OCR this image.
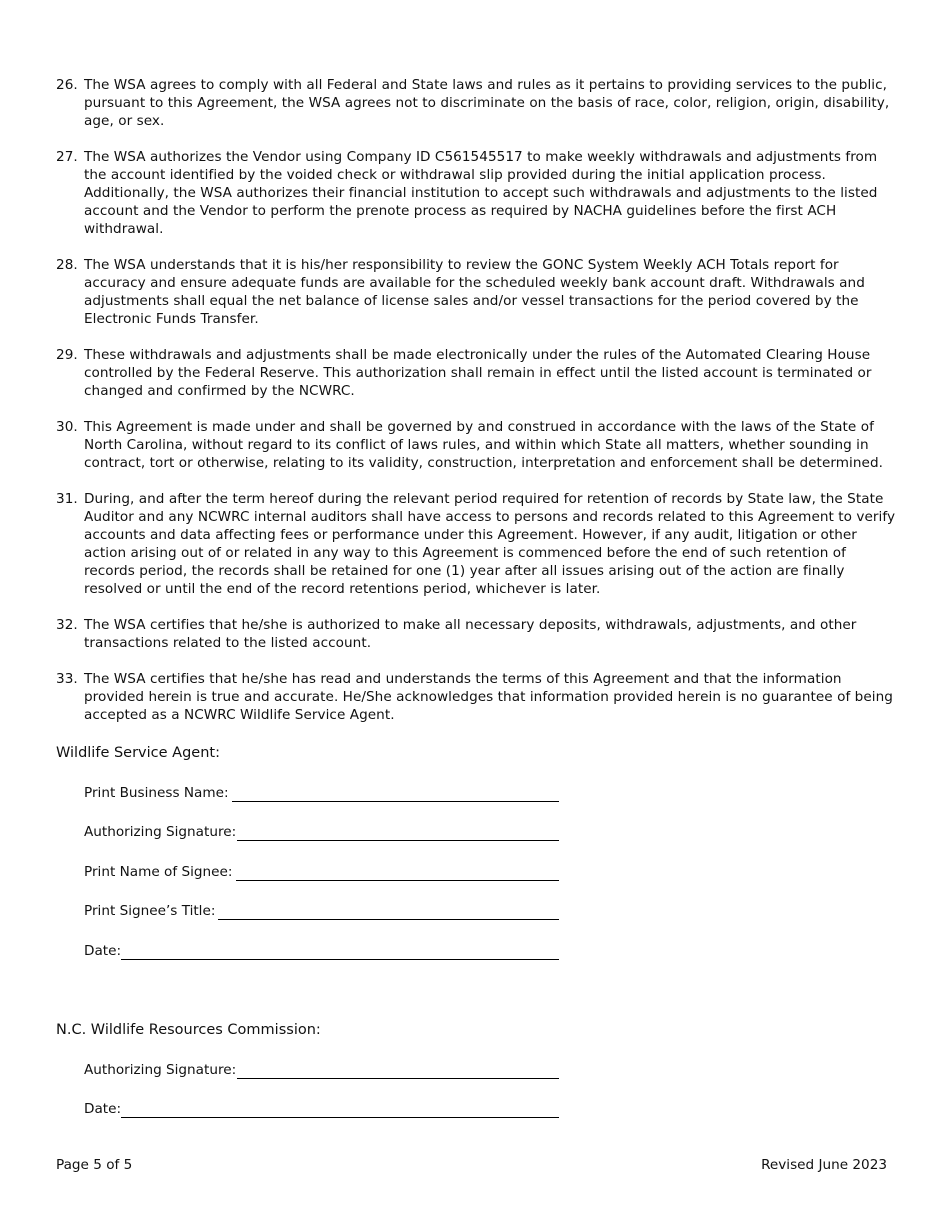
26. The WSA agrees to comply with all Federal and State laws and rules as it pertains to providing services to the public, pursuant to this Agreement, the WSA agrees not to discriminate on the basis of race, color, religion, origin, disability, age, or sex.
27. The WSA authorizes the Vendor using Company ID C561545517 to make weekly withdrawals and adjustments from the account identified by the voided check or withdrawal slip provided during the initial application process. Additionally, the WSA authorizes their financial institution to accept such withdrawals and adjustments to the listed account and the Vendor to perform the prenote process as required by NACHA guidelines before the first ACH withdrawal.
28. The WSA understands that it is his/her responsibility to review the GONC System Weekly ACH Totals report for accuracy and ensure adequate funds are available for the scheduled weekly bank account draft. Withdrawals and adjustments shall equal the net balance of license sales and/or vessel transactions for the period covered by the Electronic Funds Transfer.
29. These withdrawals and adjustments shall be made electronically under the rules of the Automated Clearing House controlled by the Federal Reserve. This authorization shall remain in effect until the listed account is terminated or changed and confirmed by the NCWRC.
30. This Agreement is made under and shall be governed by and construed in accordance with the laws of the State of North Carolina, without regard to its conflict of laws rules, and within which State all matters, whether sounding in contract, tort or otherwise, relating to its validity, construction, interpretation and enforcement shall be determined.
31. During, and after the term hereof during the relevant period required for retention of records by State law, the State Auditor and any NCWRC internal auditors shall have access to persons and records related to this Agreement to verify accounts and data affecting fees or performance under this Agreement. However, if any audit, litigation or other action arising out of or related in any way to this Agreement is commenced before the end of such retention of records period, the records shall be retained for one (1) year after all issues arising out of the action are finally resolved or until the end of the record retentions period, whichever is later.
32. The WSA certifies that he/she is authorized to make all necessary deposits, withdrawals, adjustments, and other transactions related to the listed account.
33. The WSA certifies that he/she has read and understands the terms of this Agreement and that the information provided herein is true and accurate. He/She acknowledges that information provided herein is no guarantee of being accepted as a NCWRC Wildlife Service Agent.
Wildlife Service Agent:
Print Business Name:
Authorizing Signature:
Print Name of Signee:
Print Signee’s Title:
Date:
N.C. Wildlife Resources Commission:
Authorizing Signature:
Date:
Page 5 of 5	Revised June 2023
